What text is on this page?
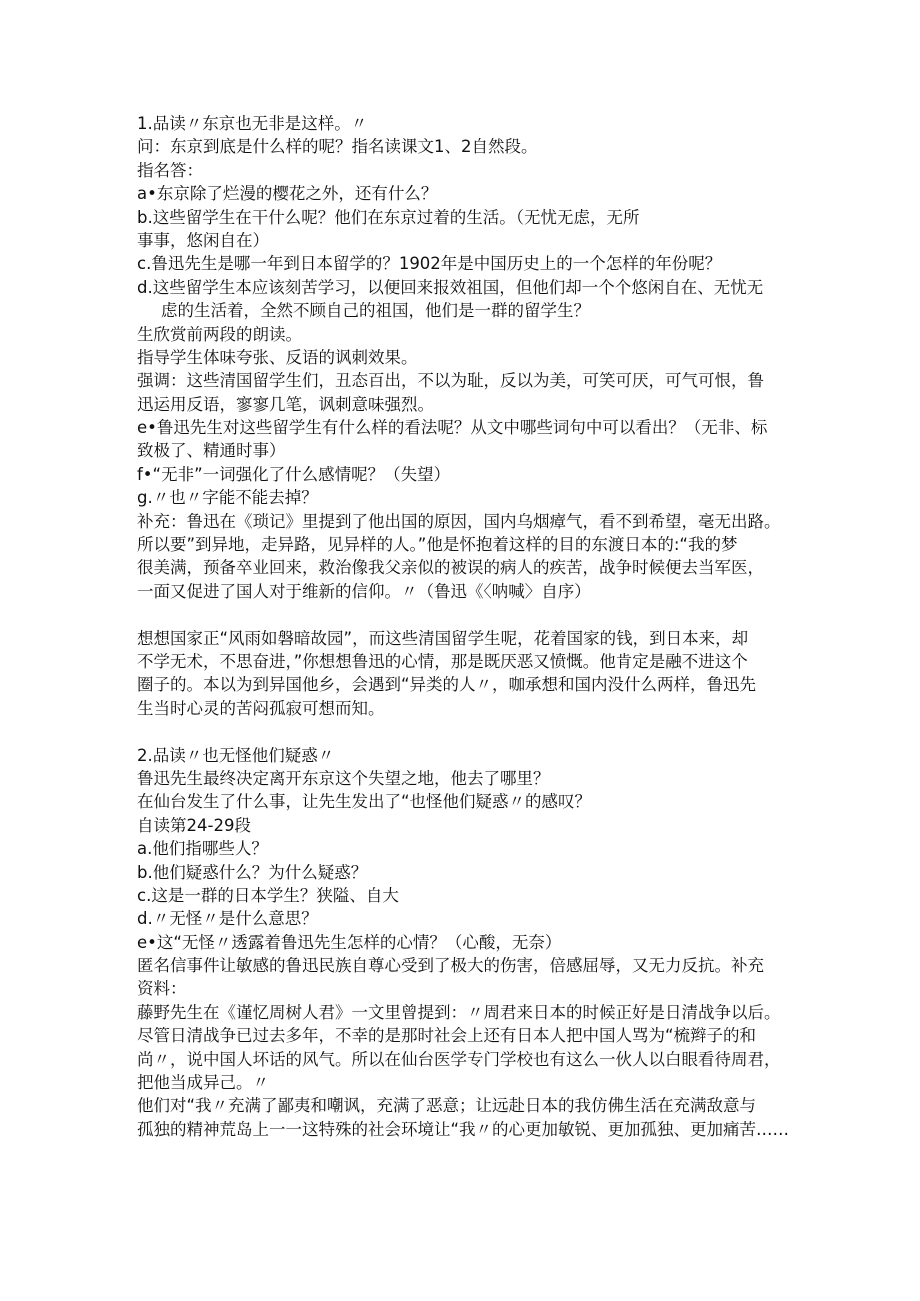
1.品读〃东京也无非是这样。〃
问：东京到底是什么样的呢？指名读课文1、2自然段。
指名答：
a•东京除了烂漫的樱花之外，还有什么？
b.这些留学生在干什么呢？他们在东京过着的生活。（无忧无虑，无所
事事，悠闲自在）
c.鲁迅先生是哪一年到日本留学的？1902年是中国历史上的一个怎样的年份呢？
d.这些留学生本应该刻苦学习，以便回来报效祖国，但他们却一个个悠闲自在、无忧无
虑的生活着，全然不顾自己的祖国，他们是一群的留学生？
生欣赏前两段的朗读。
指导学生体味夸张、反语的讽刺效果。
强调：这些清国留学生们，丑态百出，不以为耻，反以为美，可笑可厌，可气可恨，鲁
迅运用反语，寥寥几笔，讽刺意味强烈。
e•鲁迅先生对这些留学生有什么样的看法呢？从文中哪些词句中可以看出？（无非、标
致极了、精通时事）
f•“无非”一词强化了什么感情呢？（失望）
g.〃也〃字能不能去掉？
补充：鲁迅在《琐记》里提到了他出国的原因，国内乌烟瘴气，看不到希望，毫无出路。
所以要”到异地，走异路，见异样的人。”他是怀抱着这样的目的东渡日本的:“我的梦
很美满，预备卒业回来，救治像我父亲似的被误的病人的疾苦，战争时候便去当军医，
一面又促进了国人对于维新的信仰。〃（鲁迅《〈呐喊〉自序）
想想国家正“风雨如磐暗故园”，而这些清国留学生呢，花着国家的钱，到日本来，却
不学无术，不思奋进，”你想想鲁迅的心情，那是既厌恶又愤慨。他肯定是融不进这个
圈子的。本以为到异国他乡，会遇到“异类的人〃，咖承想和国内没什么两样，鲁迅先
生当时心灵的苦闷孤寂可想而知。
2.品读〃也无怪他们疑惑〃
鲁迅先生最终决定离开东京这个失望之地，他去了哪里？
在仙台发生了什么事，让先生发出了“也怪他们疑惑〃的感叹？
自读第24-29段
a.他们指哪些人？
b.他们疑惑什么？为什么疑惑？
c.这是一群的日本学生？狭隘、自大
d.〃无怪〃是什么意思？
e•这“无怪〃透露着鲁迅先生怎样的心情？（心酸，无奈）
匿名信事件让敏感的鲁迅民族自尊心受到了极大的伤害，倍感屈辱，又无力反抗。补充
资料：
藤野先生在《谨忆周树人君》一文里曾提到：〃周君来日本的时候正好是日清战争以后。
尽管日清战争已过去多年，不幸的是那时社会上还有日本人把中国人骂为“梳辫子的和
尚〃，说中国人坏话的风气。所以在仙台医学专门学校也有这么一伙人以白眼看待周君，
把他当成异己。〃
他们对“我〃充满了鄙夷和嘲讽，充满了恶意；让远赴日本的我仿佛生活在充满敌意与
孤独的精神荒岛上一一这特殊的社会环境让“我〃的心更加敏锐、更加孤独、更加痛苦……
